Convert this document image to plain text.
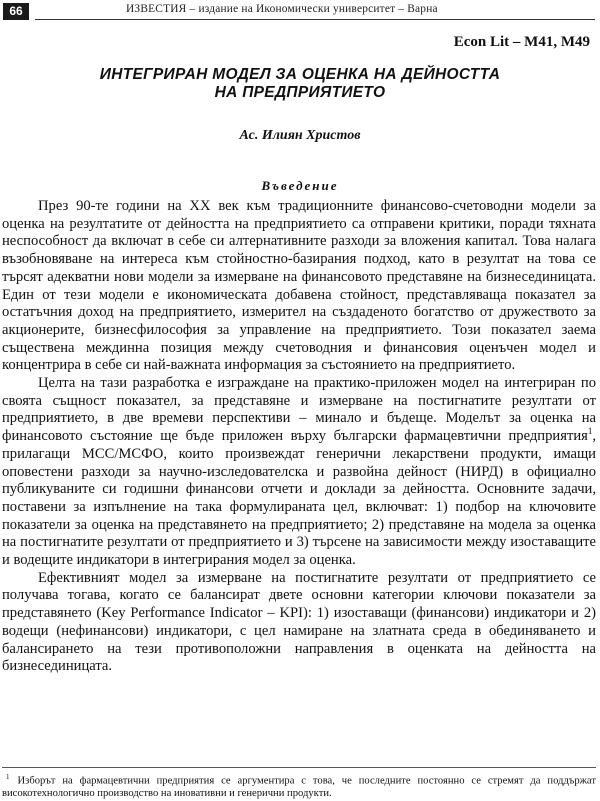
66	ИЗВЕСТИЯ – издание на Икономически университет – Варна
Econ Lit – M41, M49
ИНТЕГРИРАН МОДЕЛ ЗА ОЦЕНКА НА ДЕЙНОСТТА
НА ПРЕДПРИЯТИЕТО
Ас. Илиян Христов
Въведение

През 90-те години на XX век към традиционните финансово-счетоводни модели за оценка на резултатите от дейността на предприятието са отправени критики, поради тяхната неспособност да включат в себе си алтернативните разходи за вложения капитал. Това налага възобновяване на интереса към стойностно-базирания подход, като в резултат на това се търсят адекватни нови модели за измерване на финансовото представяне на бизнесединицата. Един от тези модели е икономическата добавена стойност, представляваща показател за остатъчния доход на предприятието, измерител на създаденото богатство от дружеството за акционерите, бизнесфилософия за управление на предприятието. Този показател заема съществена междинна позиция между счетоводния и финансовия оценъчен модел и концентрира в себе си най-важната информация за състоянието на предприятието.

Целта на тази разработка е изграждане на практико-приложен модел на интегриран по своята същност показател, за представяне и измерване на постигнатите резултати от предприятието, в две времеви перспективи – минало и бъдеще. Моделът за оценка на финансовото състояние ще бъде приложен върху български фармацевтични предприятия$^1$, прилагащи МСС/МСФО, които произвеждат генерични лекарствени продукти, имащи оповестени разходи за научно-изследователска и развойна дейност (НИРД) в официално публикуваните си годишни финансови отчети и доклади за дейността. Основните задачи, поставени за изпълнение на така формулираната цел, включват: 1) подбор на ключовите показатели за оценка на представянето на предприятието; 2) представяне на модела за оценка на постигнатите резултати от предприятието и 3) търсене на зависимости между изоставащите и водещите индикатори в интегрирания модел за оценка.

Ефективният модел за измерване на постигнатите резултати от предприятието се получава тогава, когато се балансират двете основни категории ключови показатели за представянето (Key Performance Indicator – KPI): 1) изоставащи (финансови) индикатори и 2) водещи (нефинансови) индикатори, с цел намиране на златната среда в обединяването и балансирането на тези противоположни направления в оценката на дейността на бизнесединицата.

$^1$ Изборът на фармацевтични предприятия се аргументира с това, че последните постоянно се стремят да поддържат високотехнологично производство на иновативни и генерични продукти.
